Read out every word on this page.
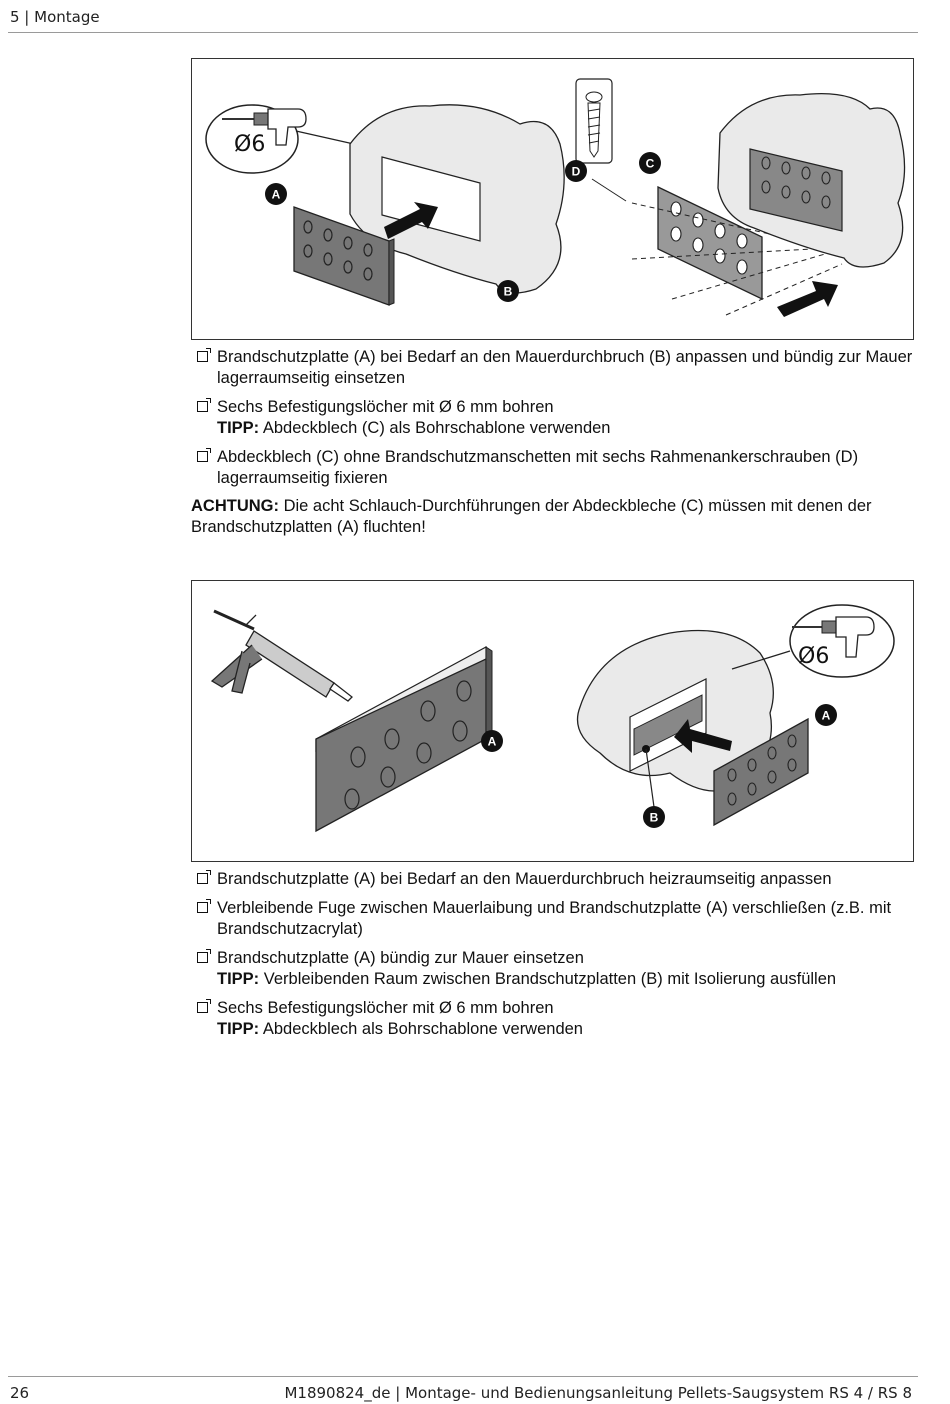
5 | Montage
Ø6
A
B
D
C
Brandschutzplatte (A) bei Bedarf an den Mauerdurchbruch (B) anpassen und bündig zur Mauer lagerraumseitig einsetzen
Sechs Befestigungslöcher mit Ø 6 mm bohren
TIPP: Abdeckblech (C) als Bohrschablone verwenden
Abdeckblech (C) ohne Brandschutzmanschetten mit sechs Rahmenankerschrauben (D) lagerraumseitig fixieren
ACHTUNG: Die acht Schlauch-Durchführungen der Abdeckbleche (C) müssen mit denen der Brandschutzplatten (A) fluchten!
A
B
A
Ø6
Brandschutzplatte (A) bei Bedarf an den Mauerdurchbruch heizraumseitig anpassen
Verbleibende Fuge zwischen Mauerlaibung und Brandschutzplatte (A) verschließen (z.B. mit Brandschutzacrylat)
Brandschutzplatte (A) bündig zur Mauer einsetzen
TIPP: Verbleibenden Raum zwischen Brandschutzplatten (B) mit Isolierung ausfüllen
Sechs Befestigungslöcher mit Ø 6 mm bohren
TIPP: Abdeckblech als Bohrschablone verwenden
26	M1890824_de | Montage- und Bedienungsanleitung Pellets-Saugsystem RS 4 / RS 8
